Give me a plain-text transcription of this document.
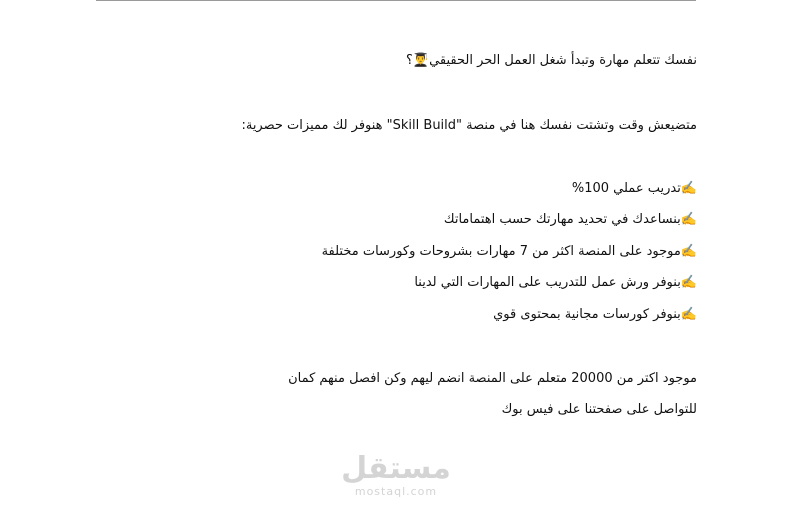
نفسك تتعلم مهارة وتبدأ شغل العمل الحر الحقيقي👨‍🎓؟
متضيعش وقت وتشتت نفسك هنا في منصة "Skill Build" هنوفر لك مميزات حصرية:
✍️تدريب عملي 100%
✍️بنساعدك في تحديد مهارتك حسب اهتماماتك
✍️موجود على المنصة اكثر من 7 مهارات بشروحات وكورسات مختلفة
✍️بنوفر ورش عمل للتدريب على المهارات التي لدينا
✍️بنوفر كورسات مجانية بمحتوى قوي
موجود اكتر من 20000 متعلم على المنصة انضم ليهم وكن افصل منهم كمان
للتواصل على صفحتنا على فيس بوك
مستقل
mostaql.com
